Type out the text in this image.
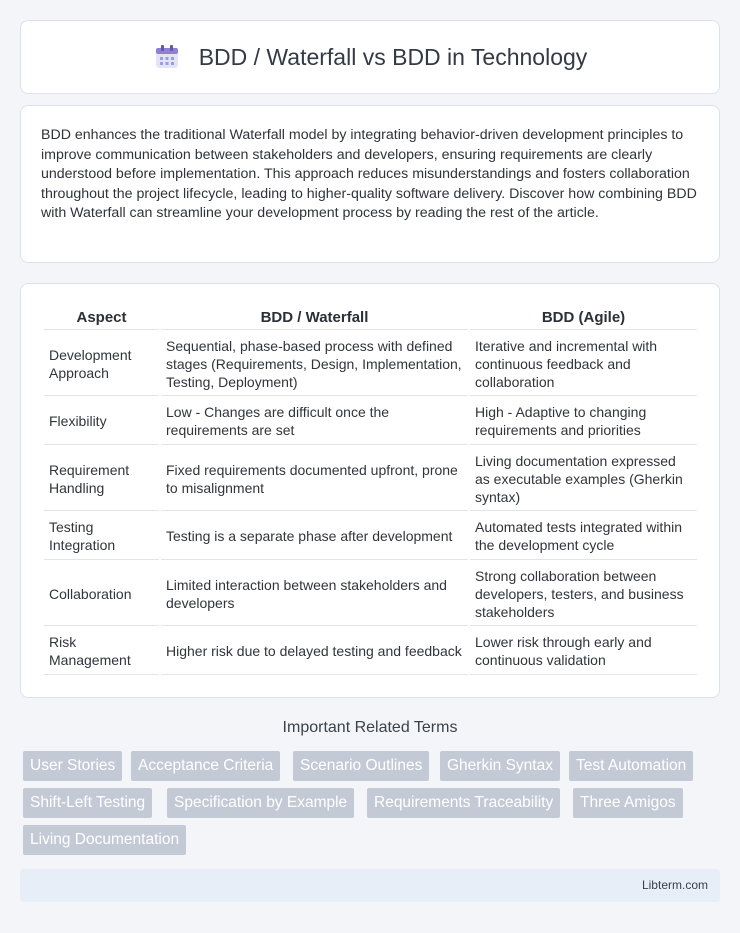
BDD / Waterfall vs BDD in Technology

BDD enhances the traditional Waterfall model by integrating behavior-driven development principles to improve communication between stakeholders and developers, ensuring requirements are clearly understood before implementation. This approach reduces misunderstandings and fosters collaboration throughout the project lifecycle, leading to higher-quality software delivery. Discover how combining BDD with Waterfall can streamline your development process by reading the rest of the article.

Aspect	BDD / Waterfall	BDD (Agile)
Development Approach	Sequential, phase-based process with defined stages (Requirements, Design, Implementation, Testing, Deployment)	Iterative and incremental with continuous feedback and collaboration
Flexibility	Low - Changes are difficult once the requirements are set	High - Adaptive to changing requirements and priorities
Requirement Handling	Fixed requirements documented upfront, prone to misalignment	Living documentation expressed as executable examples (Gherkin syntax)
Testing Integration	Testing is a separate phase after development	Automated tests integrated within the development cycle
Collaboration	Limited interaction between stakeholders and developers	Strong collaboration between developers, testers, and business stakeholders
Risk Management	Higher risk due to delayed testing and feedback	Lower risk through early and continuous validation
Important Related Terms
User Stories	Acceptance Criteria	Scenario Outlines	Gherkin Syntax	Test Automation
Shift-Left Testing	Specification by Example	Requirements Traceability	Three Amigos
Living Documentation
Libterm.com
